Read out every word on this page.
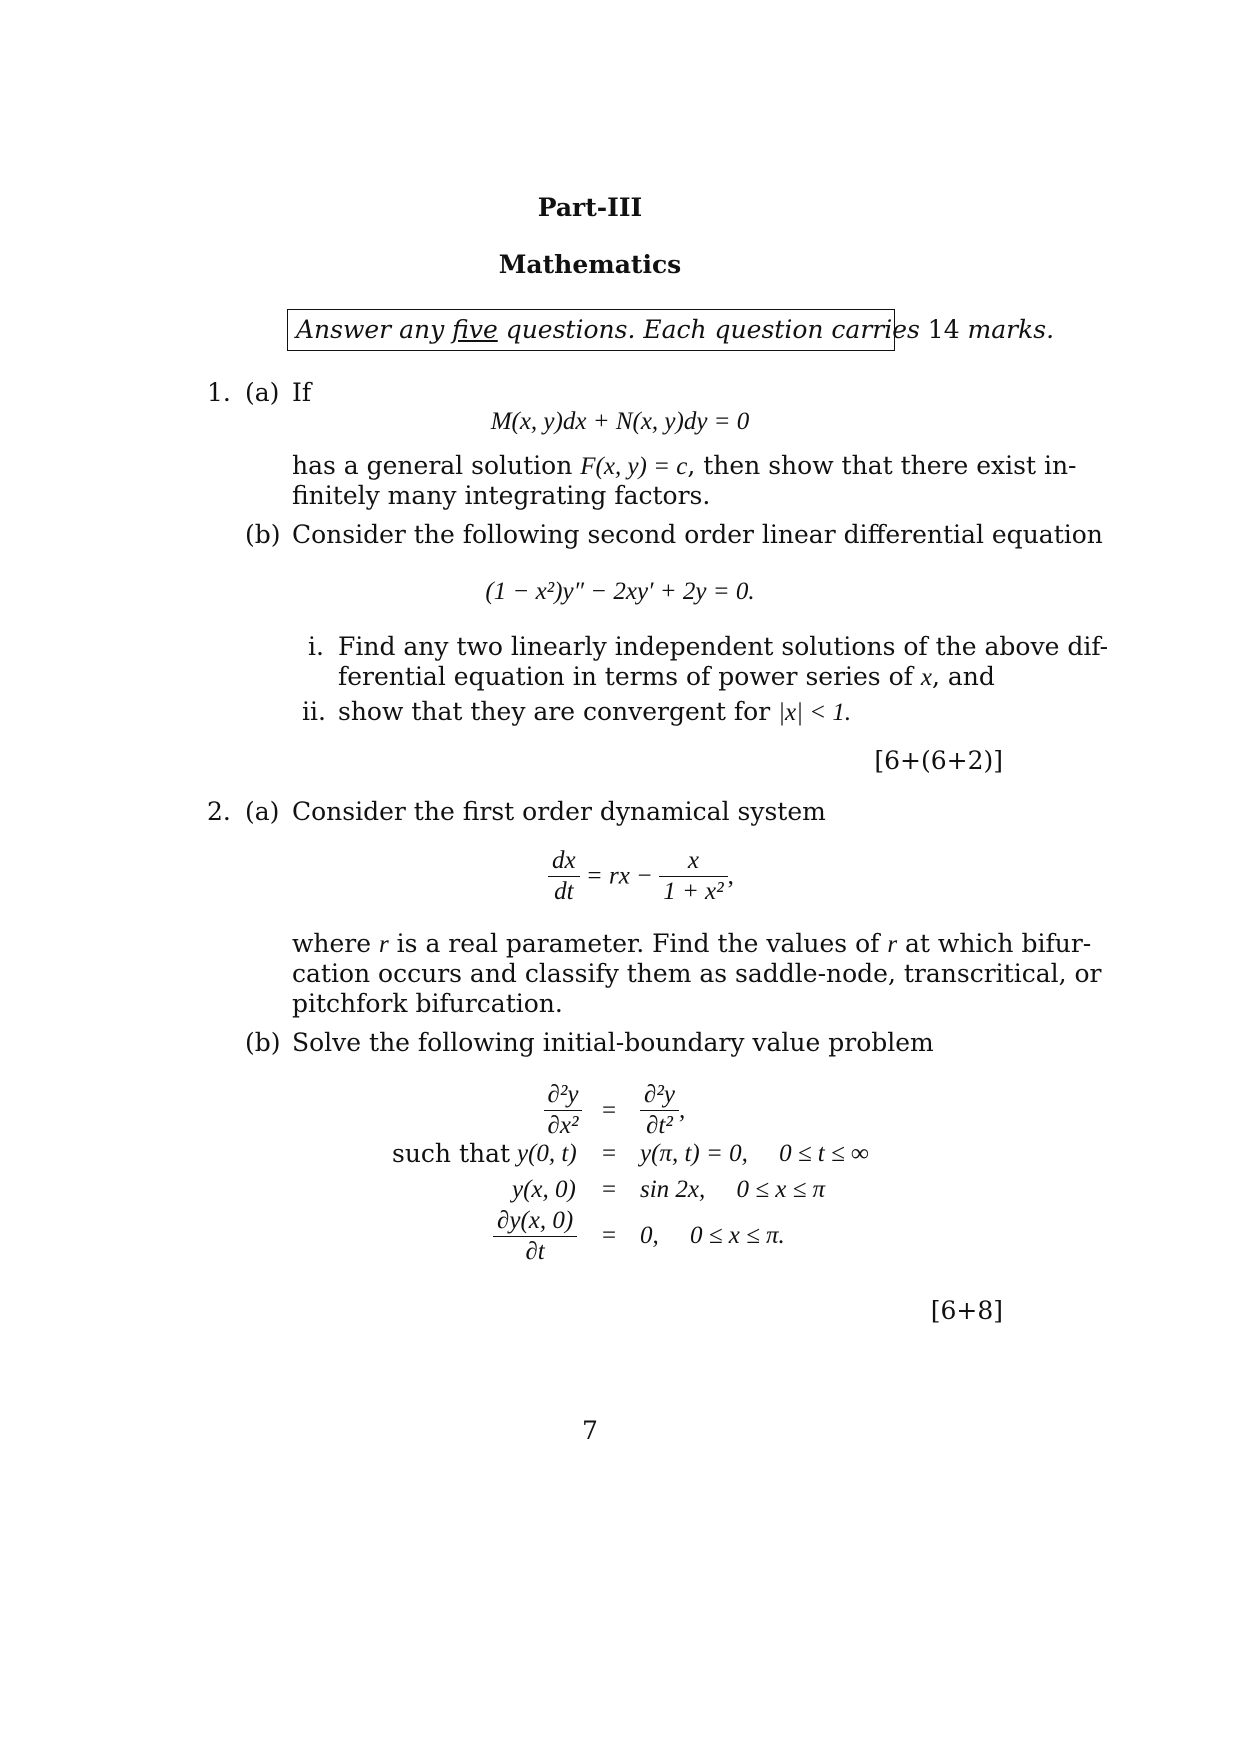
Part-III
Mathematics
Answer any five questions. Each question carries 14 marks.
1. (a) If
M(x, y)dx + N(x, y)dy = 0
has a general solution F(x, y) = c, then show that there exist in-
finitely many integrating factors.
(b) Consider the following second order linear differential equation
(1 − x²)y″ − 2xy′ + 2y = 0.
i. Find any two linearly independent solutions of the above dif-
ferential equation in terms of power series of x, and
ii. show that they are convergent for |x| < 1.
[6+(6+2)]
2. (a) Consider the first order dynamical system
$\frac{dx}{dt}$ = rx − $\frac{x}{\text{1 + x²}}$ ,
where r is a real parameter. Find the values of r at which bifur-
cation occurs and classify them as saddle-node, transcritical, or
pitchfork bifurcation.
(b) Solve the following initial-boundary value problem
$\frac{\text{∂²y}}{\text{∂x²}} = \frac{\text{∂²y}}{\text{∂t²}}$ ,
such that y(0, t) = y(π, t) = 0,     0 ≤ t ≤ ∞
y(x, 0) = sin 2x,     0 ≤ x ≤ π
$\frac{\partial y(x, 0)}{\partial t} = 0$,     0 ≤ x ≤ π.
[6+8]
7
